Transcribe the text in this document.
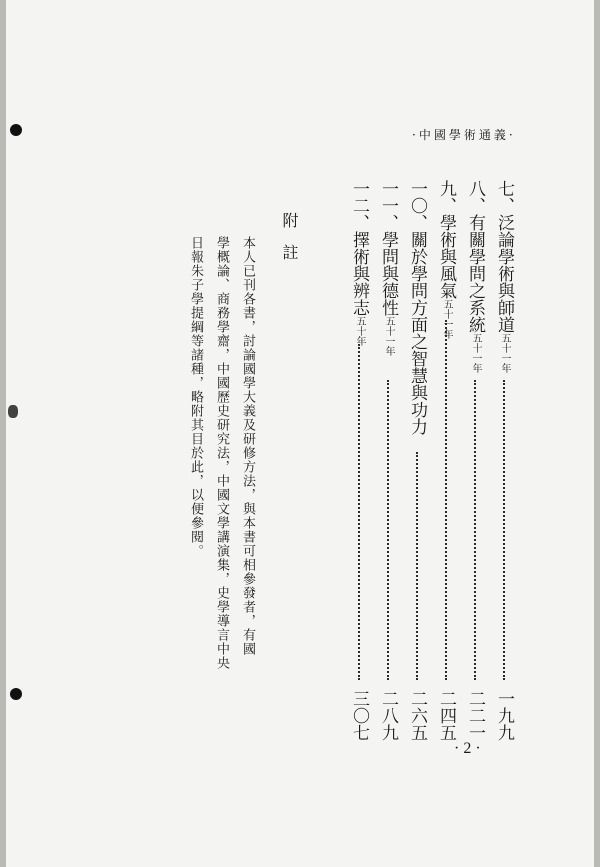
·中國學術通義·
七、泛論學術與師道五十一年
一九九
八、有關學問之系統五十一年
二二一
九、學術與風氣五十一年
二四五
一〇、關於學問方面之智慧與功力
二六五
一一、學問與德性五十一年
二八九
一二、擇術與辨志五十年
三〇七
附註
本人已刊各書，討論國學大義及研修方法，與本書可相參發者，有國
學概論、商務學齋，中國歷史研究法，中國文學講演集，史學導言中央
日報朱子學提綱等諸種，略附其目於此，以便參閱。
· 2 ·
